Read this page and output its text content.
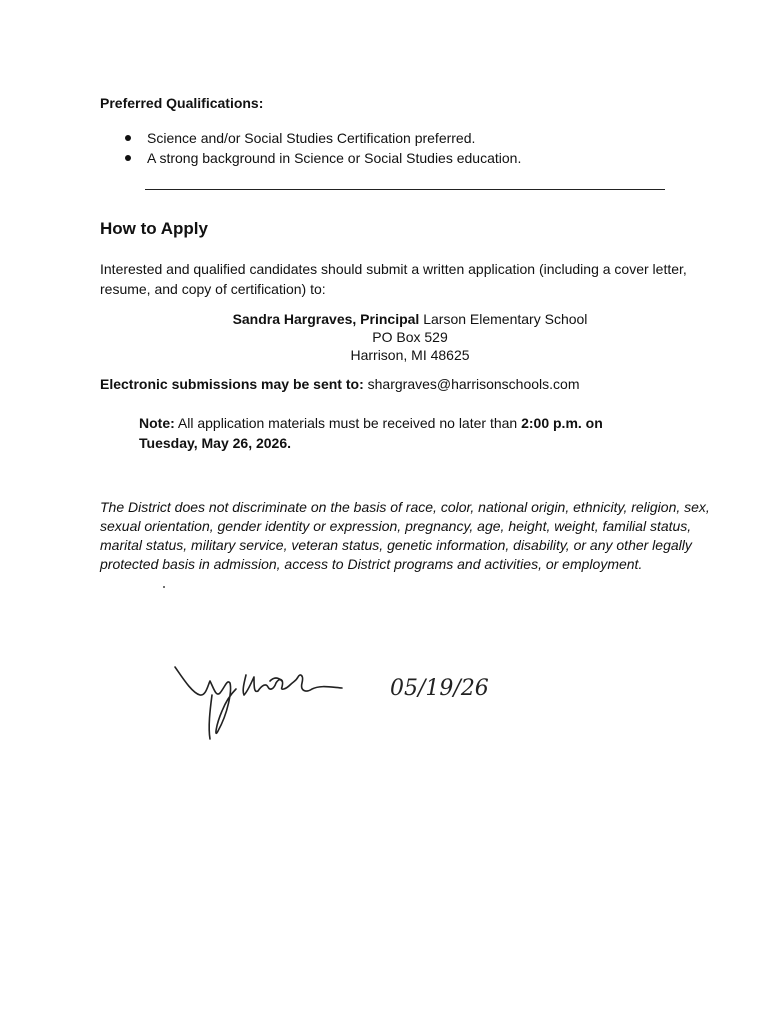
Preferred Qualifications:
Science and/or Social Studies Certification preferred.
A strong background in Science or Social Studies education.
How to Apply
Interested and qualified candidates should submit a written application (including a cover letter, resume, and copy of certification) to:
Sandra Hargraves, Principal Larson Elementary School
PO Box 529
Harrison, MI 48625
Electronic submissions may be sent to: shargraves@harrisonschools.com
Note: All application materials must be received no later than 2:00 p.m. on Tuesday, May 26, 2026.
The District does not discriminate on the basis of race, color, national origin, ethnicity, religion, sex, sexual orientation, gender identity or expression, pregnancy, age, height, weight, familial status, marital status, military service, veteran status, genetic information, disability, or any other legally protected basis in admission, access to District programs and activities, or employment.
05/19/26
